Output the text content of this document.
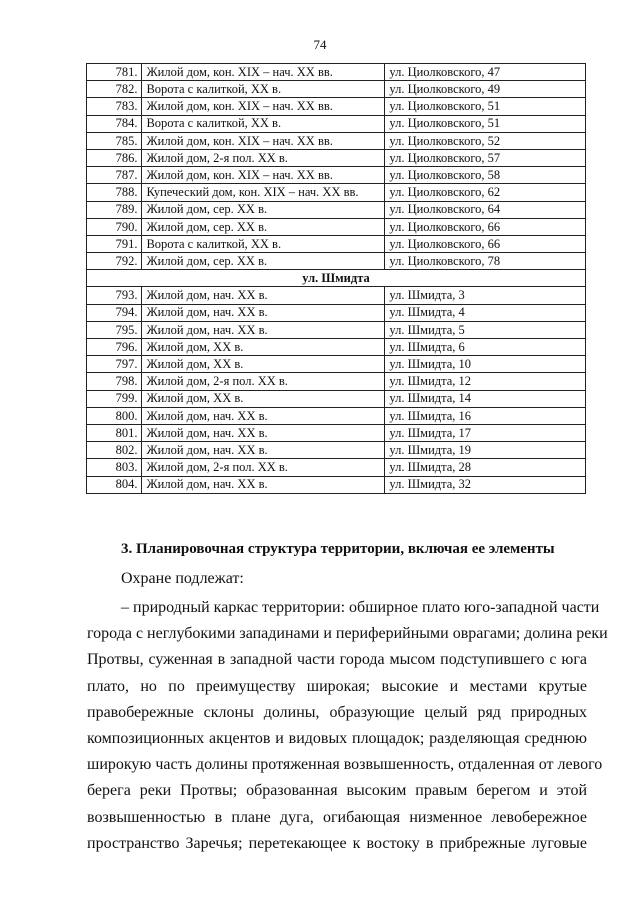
74
781.	Жилой дом, кон. XIX – нач. XX вв.	ул. Циолковского, 47
782.	Ворота с калиткой, XX в.	ул. Циолковского, 49
783.	Жилой дом, кон. XIX – нач. XX вв.	ул. Циолковского, 51
784.	Ворота с калиткой, XX в.	ул. Циолковского, 51
785.	Жилой дом, кон. XIX – нач. XX вв.	ул. Циолковского, 52
786.	Жилой дом, 2-я пол. XX в.	ул. Циолковского, 57
787.	Жилой дом, кон. XIX – нач. XX вв.	ул. Циолковского, 58
788.	Купеческий дом, кон. XIX – нач. XX вв.	ул. Циолковского, 62
789.	Жилой дом, сер. XX в.	ул. Циолковского, 64
790.	Жилой дом, сер. XX в.	ул. Циолковского, 66
791.	Ворота с калиткой, XX в.	ул. Циолковского, 66
792.	Жилой дом, сер. XX в.	ул. Циолковского, 78
ул. Шмидта		
793.	Жилой дом, нач. XX в.	ул. Шмидта, 3
794.	Жилой дом, нач. XX в.	ул. Шмидта, 4
795.	Жилой дом, нач. XX в.	ул. Шмидта, 5
796.	Жилой дом, XX в.	ул. Шмидта, 6
797.	Жилой дом, XX в.	ул. Шмидта, 10
798.	Жилой дом, 2-я пол. XX в.	ул. Шмидта, 12
799.	Жилой дом, XX в.	ул. Шмидта, 14
800.	Жилой дом, нач. XX в.	ул. Шмидта, 16
801.	Жилой дом, нач. XX в.	ул. Шмидта, 17
802.	Жилой дом, нач. XX в.	ул. Шмидта, 19
803.	Жилой дом, 2-я пол. XX в.	ул. Шмидта, 28
804.	Жилой дом, нач. XX в.	ул. Шмидта, 32
3. Планировочная структура территории, включая ее элементы
Охране подлежат:
– природный каркас территории: обширное плато юго-западной части
города с неглубокими западинами и периферийными оврагами; долина реки
Протвы, суженная в западной части города мысом подступившего с юга
плато, но по преимуществу широкая; высокие и местами крутые
правобережные склоны долины, образующие целый ряд природных
композиционных акцентов и видовых площадок; разделяющая среднюю
широкую часть долины протяженная возвышенность, отдаленная от левого
берега реки Протвы; образованная высоким правым берегом и этой
возвышенностью в плане дуга, огибающая низменное левобережное
пространство Заречья; перетекающее к востоку в прибрежные луговые
